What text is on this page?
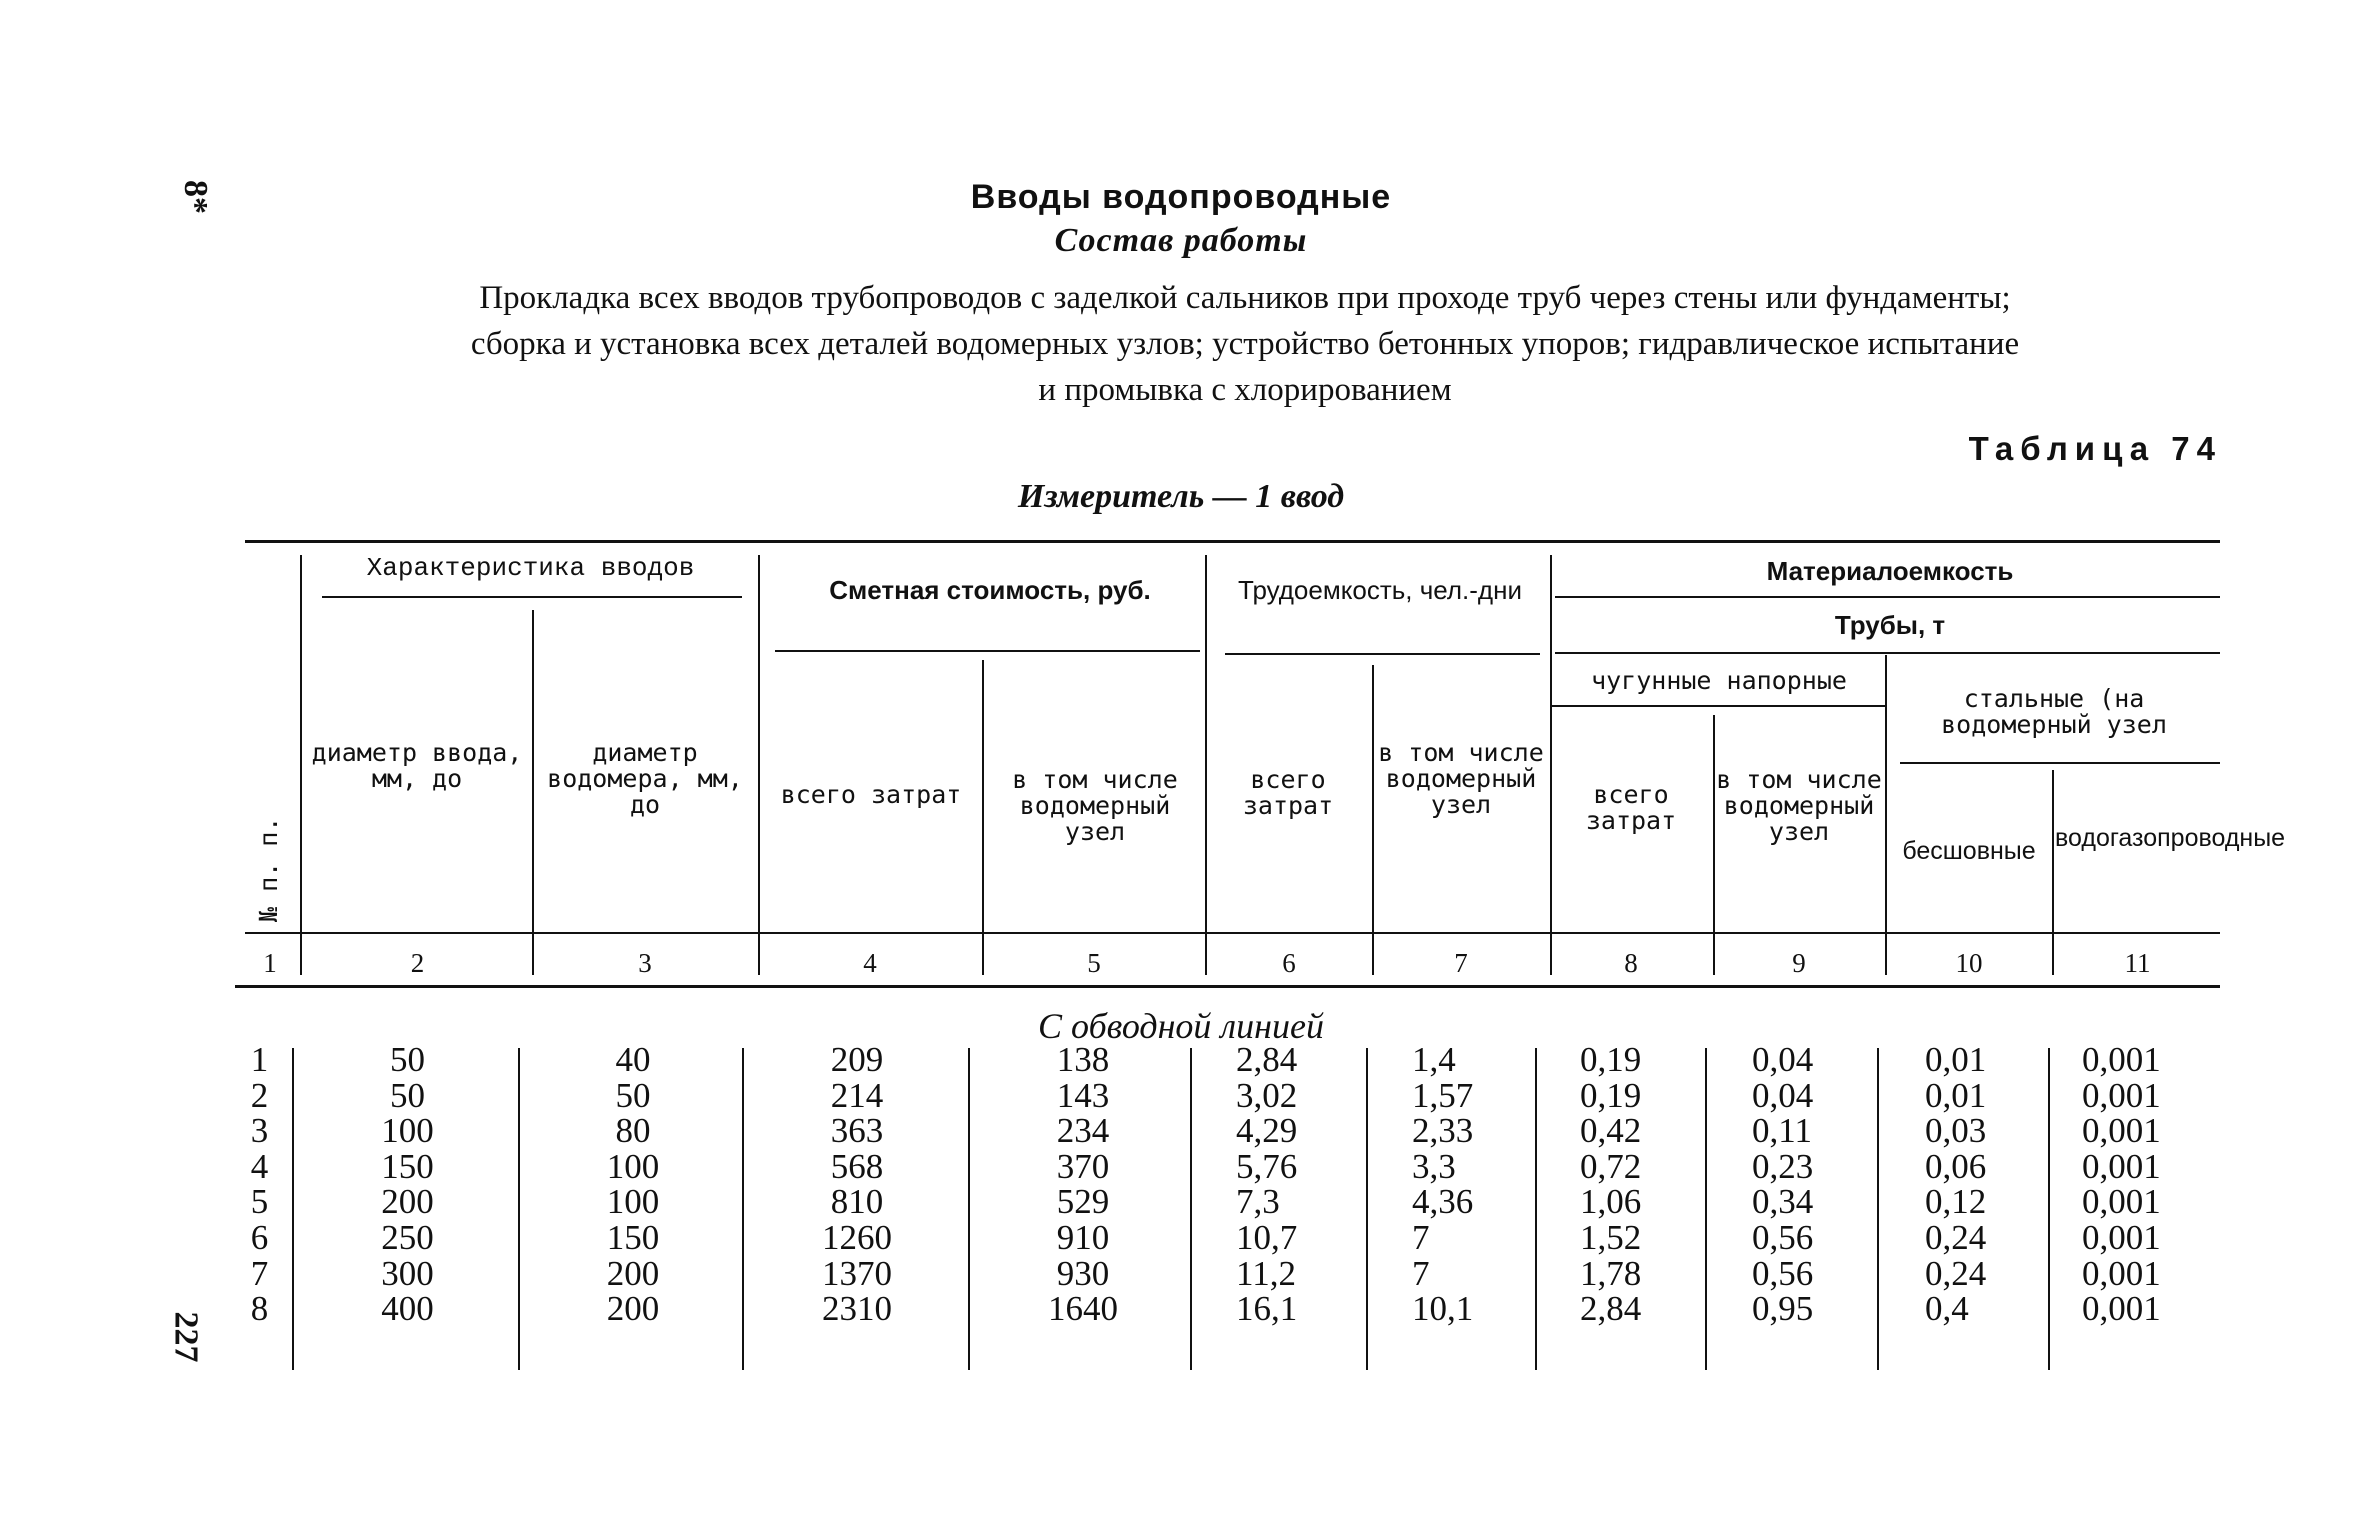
8*
227
Вводы водопроводные
Состав работы
Прокладка всех вводов трубопроводов с заделкой сальников при проходе труб через стены или фундаменты;
сборка и установка всех деталей водомерных узлов; устройство бетонных упоров; гидравлическое испытание
и промывка с хлорированием
Таблица 74
Измеритель — 1 ввод
№ п. п.
Характеристика вводов
диаметр ввода, мм, до
диаметр водомера, мм, до
Сметная стоимость, руб.
всего затрат
в том числе водомерный узел
Трудоемкость, чел.-дни
всего затрат
в том числе водомерный узел
Материалоемкость
Трубы, т
чугунные напорные
стальные (на водомерный узел
всего затрат
в том числе водомерный узел
бесшовные водогазопроводные
1	2	3	4	5	6	7	8	9	10	11
С обводной линией
1	50	40	209	138	2,84	1,4	0,19	0,04	0,01	0,001
2	50	50	214	143	3,02	1,57	0,19	0,04	0,01	0,001
3	100	80	363	234	4,29	2,33	0,42	0,11	0,03	0,001
4	150	100	568	370	5,76	3,3	0,72	0,23	0,06	0,001
5	200	100	810	529	7,3	4,36	1,06	0,34	0,12	0,001
6	250	150	1260	910	10,7	7	1,52	0,56	0,24	0,001
7	300	200	1370	930	11,2	7	1,78	0,56	0,24	0,001
8	400	200	2310	1640	16,1	10,1	2,84	0,95	0,4	0,001
